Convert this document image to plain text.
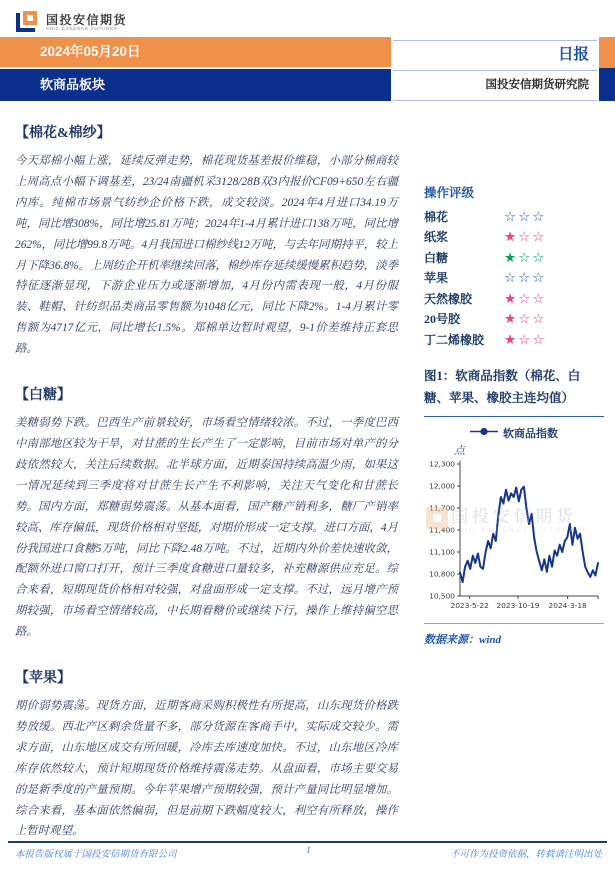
国投安信期货
SDIC ESSENCE FUTURES
2024年05月20日
软商品板块
日报
国投安信期货研究院
【棉花&棉纱】

今天郑棉小幅上涨，延续反弹走势，棉花现货基差报价维稳，小部分棉商较上周高点小幅下调基差，23/24南疆机采3128/28B双3内报价CF09+650左右疆内库。纯棉市场景气纺纱企价格下跌，成交较淡。2024年4月进口34.19万吨，同比增308%，同比增25.81万吨；2024年1-4月累计进口138万吨，同比增262%，同比增99.8万吨。4月我国进口棉纱线12万吨，与去年同期持平，较上月下降36.8%。上周纺企开机率继续回落，棉纱库存延续缓慢累积趋势，淡季特征逐渐显现，下游企业压力或逐渐增加，4月份内需表现一般，4月份服装、鞋帽、针纺织品类商品零售额为1048亿元，同比下降2%。1-4月累计零售额为4717亿元，同比增长1.5%。郑棉单边暂时观望，9-1价差维持正套思路。

【白糖】

美糖弱势下跌。巴西生产前景较好，市场看空情绪较浓。不过，一季度巴西中南部地区较为干旱，对甘蔗的生长产生了一定影响，目前市场对单产的分歧依然较大，关注后续数据。北半球方面，近期泰国持续高温少雨，如果这一情况延续到三季度将对甘蔗生长产生不利影响，关注天气变化和甘蔗长势。国内方面，郑糖弱势震荡。从基本面看，国产糖产销利多，糖厂产销率较高、库存偏低，现货价格相对坚挺，对期价形成一定支撑。进口方面，4月份我国进口食糖5万吨，同比下降2.48万吨。不过，近期内外价差快速收敛，配额外进口窗口打开，预计三季度食糖进口量较多，补充糖源供应充足。综合来看，短期现货价格相对较强，对盘面形成一定支撑。不过，远月增产预期较强，市场看空情绪较高，中长期看糖价或继续下行，操作上维持偏空思路。

【苹果】

期价弱势震荡。现货方面，近期客商采购积极性有所提高，山东现货价格跌势放缓。西北产区剩余货量不多，部分货源在客商手中，实际成交较少。需求方面，山东地区成交有所回暖，冷库去库速度加快。不过，山东地区冷库库存依然较大，预计短期现货价格维持震荡走势。从盘面看，市场主要交易的是新季度的产量预期。今年苹果增产预期较强，预计产量同比明显增加。综合来看，基本面依然偏弱，但是前期下跌幅度较大，利空有所释放，操作上暂时观望。

操作评级
棉花	☆☆☆
纸浆	★☆☆
白糖	★☆☆
苹果	☆☆☆
天然橡胶	★☆☆
20号胶	★☆☆
丁二烯橡胶	★☆☆
图1：软商品指数（棉花、白糖、苹果、橡胶主连均值）
软商品指数
点
12,300
12,000
11,700
11,400
11,100
10,800
10,500
2023-5-22 2023-10-19 2024-3-18
国投安信期货
SDIC ESSENCE FUTURES
数据来源：wind
本报告版权属于国投安信期货有限公司	1	不可作为投资依据，转载请注明出处
